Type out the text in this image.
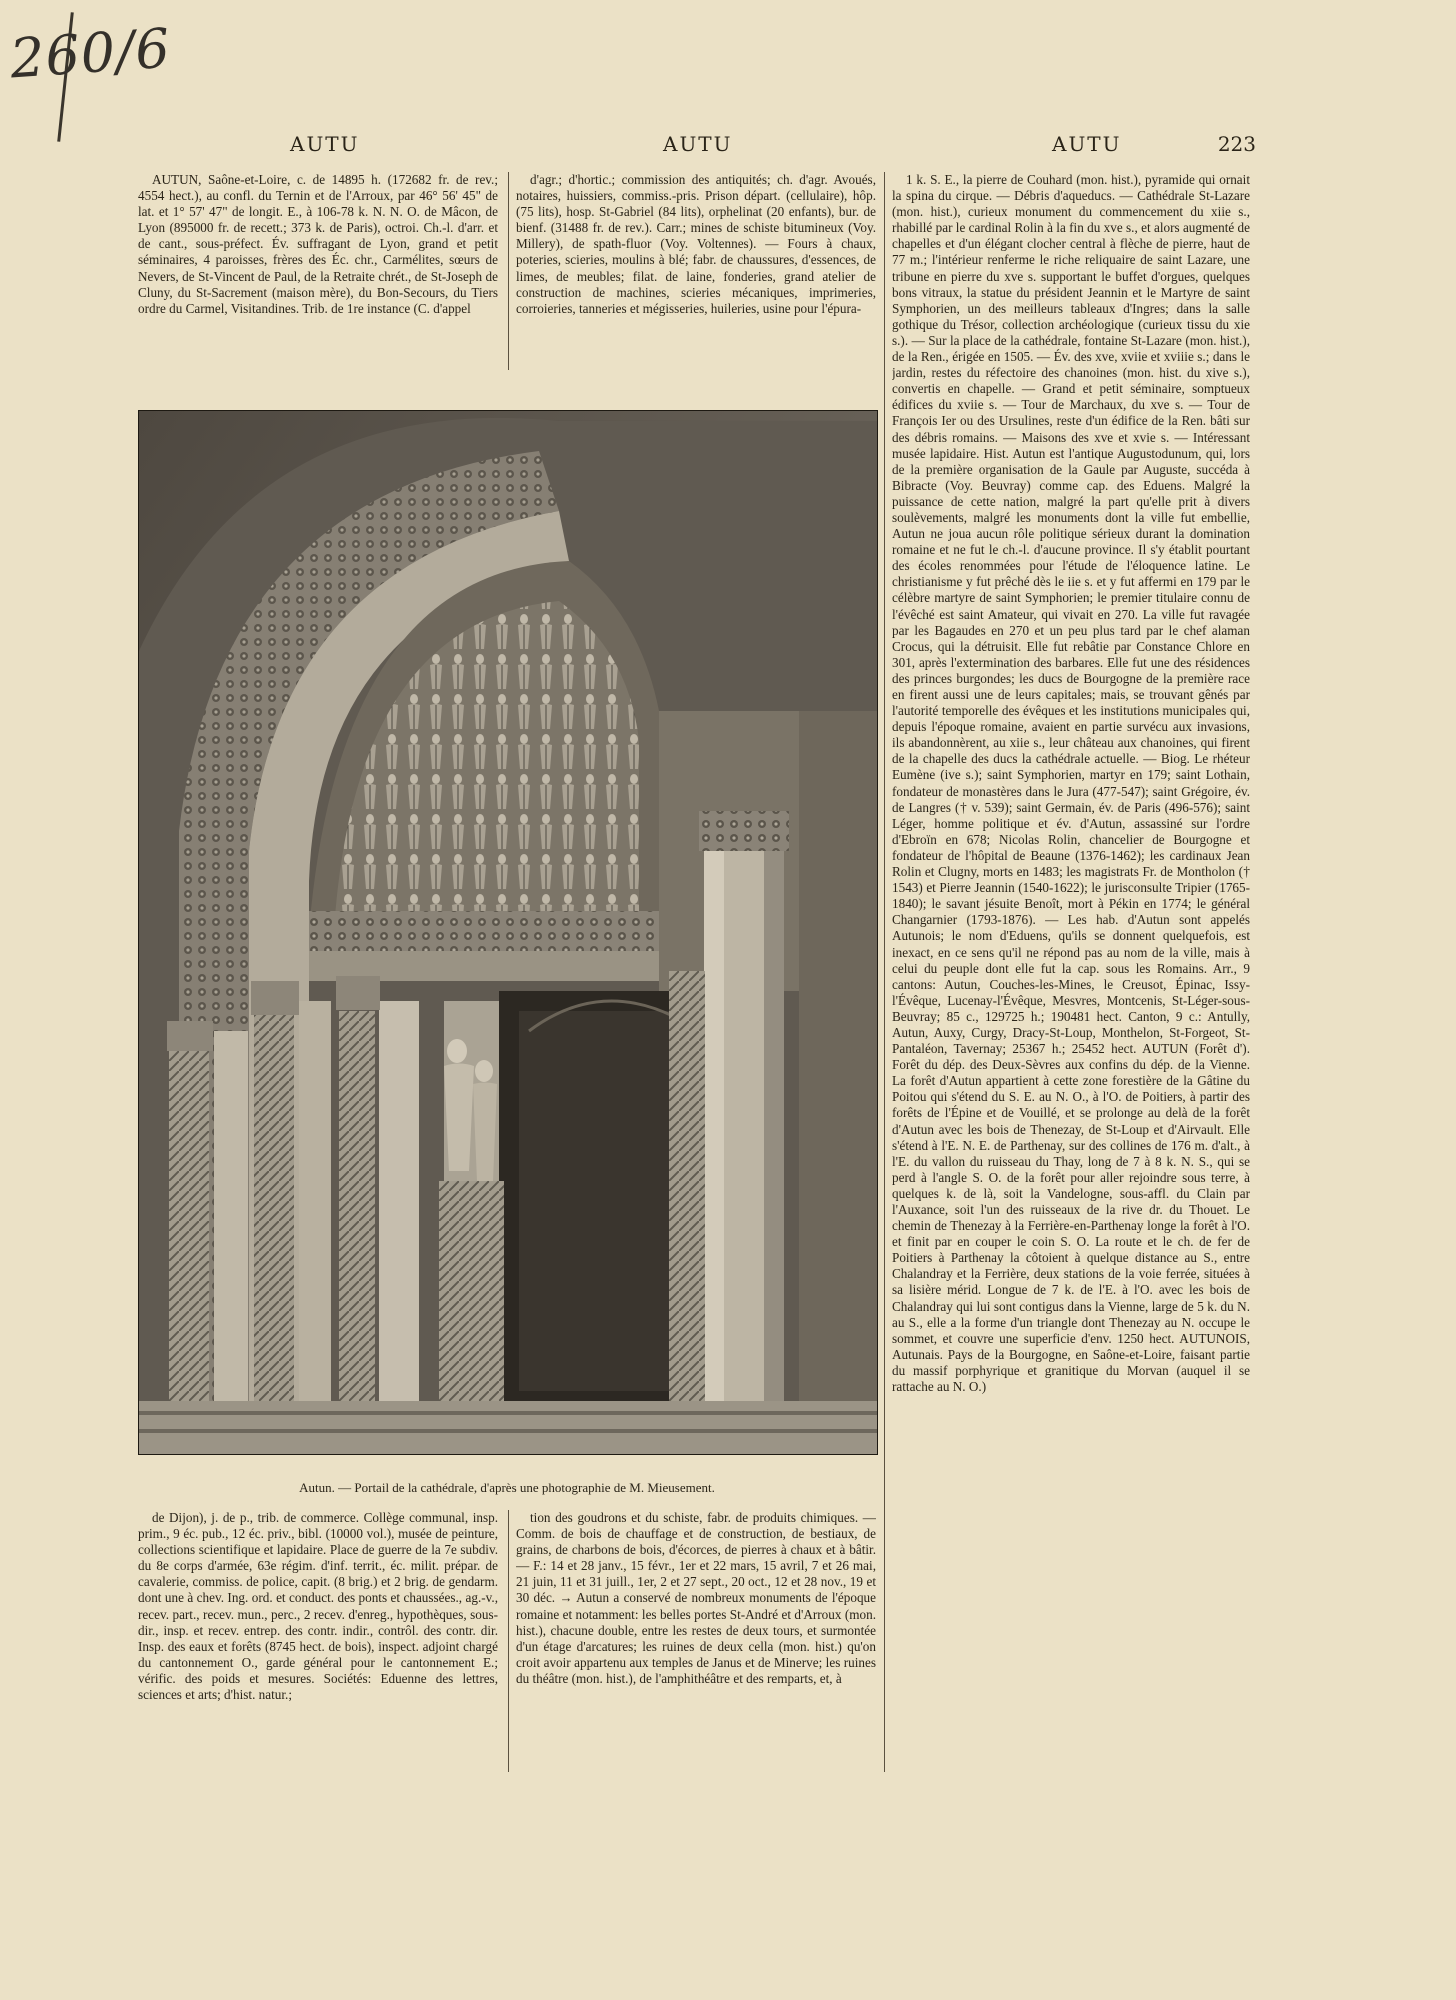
260/6
AUTU	AUTU	AUTU	223

AUTUN, Saône-et-Loire, c. de 14895 h. (172682 fr. de rev.; 4554 hect.), au confl. du Ternin et de l'Arroux, par 46° 56' 45" de lat. et 1° 57' 47" de longit. E., à 106-78 k. N. N. O. de Mâcon, de Lyon (895000 fr. de recett.; 373 k. de Paris), octroi. Ch.-l. d'arr. et de cant., sous-préfect. Év. suffragant de Lyon, grand et petit séminaires, 4 paroisses, frères des Éc. chr., Carmélites, sœurs de Nevers, de St-Vincent de Paul, de la Retraite chrét., de St-Joseph de Cluny, du St-Sacrement (maison mère), du Bon-Secours, du Tiers ordre du Carmel, Visitandines. Trib. de 1re instance (C. d'appel

d'agr.; d'hortic.; commission des antiquités; ch. d'agr. Avoués, notaires, huissiers, commiss.-pris. Prison départ. (cellulaire), hôp. (75 lits), hosp. St-Gabriel (84 lits), orphelinat (20 enfants), bur. de bienf. (31488 fr. de rev.). Carr.; mines de schiste bitumineux (Voy. Millery), de spath-fluor (Voy. Voltennes). — Fours à chaux, poteries, scieries, moulins à blé; fabr. de chaussures, d'essences, de limes, de meubles; filat. de laine, fonderies, grand atelier de construction de machines, scieries mécaniques, imprimeries, corroieries, tanneries et mégisseries, huileries, usine pour l'épura-

1 k. S. E., la pierre de Couhard (mon. hist.), pyramide qui ornait la spina du cirque. — Débris d'aqueducs. — Cathédrale St-Lazare (mon. hist.), curieux monument du commencement du xiie s., rhabillé par le cardinal Rolin à la fin du xve s., et alors augmenté de chapelles et d'un élégant clocher central à flèche de pierre, haut de 77 m.; l'intérieur renferme le riche reliquaire de saint Lazare, une tribune en pierre du xve s. supportant le buffet d'orgues, quelques bons vitraux, la statue du président Jeannin et le Martyre de saint Symphorien, un des meilleurs tableaux d'Ingres; dans la salle gothique du Trésor, collection archéologique (curieux tissu du xie s.). — Sur la place de la cathédrale, fontaine St-Lazare (mon. hist.), de la Ren., érigée en 1505. — Év. des xve, xviie et xviiie s.; dans le jardin, restes du réfectoire des chanoines (mon. hist. du xive s.), convertis en chapelle. — Grand et petit séminaire, somptueux édifices du xviie s. — Tour de Marchaux, du xve s. — Tour de François Ier ou des Ursulines, reste d'un édifice de la Ren. bâti sur des débris romains. — Maisons des xve et xvie s. — Intéressant musée lapidaire. Hist. Autun est l'antique Augustodunum, qui, lors de la première organisation de la Gaule par Auguste, succéda à Bibracte (Voy. Beuvray) comme cap. des Eduens. Malgré la puissance de cette nation, malgré la part qu'elle prit à divers soulèvements, malgré les monuments dont la ville fut embellie, Autun ne joua aucun rôle politique sérieux durant la domination romaine et ne fut le ch.-l. d'aucune province. Il s'y établit pourtant des écoles renommées pour l'étude de l'éloquence latine. Le christianisme y fut prêché dès le iie s. et y fut affermi en 179 par le célèbre martyre de saint Symphorien; le premier titulaire connu de l'évêché est saint Amateur, qui vivait en 270. La ville fut ravagée par les Bagaudes en 270 et un peu plus tard par le chef alaman Crocus, qui la détruisit. Elle fut rebâtie par Constance Chlore en 301, après l'extermination des barbares. Elle fut une des résidences des princes burgondes; les ducs de Bourgogne de la première race en firent aussi une de leurs capitales; mais, se trouvant gênés par l'autorité temporelle des évêques et les institutions municipales qui, depuis l'époque romaine, avaient en partie survécu aux invasions, ils abandonnèrent, au xiie s., leur château aux chanoines, qui firent de la chapelle des ducs la cathédrale actuelle. — Biog. Le rhéteur Eumène (ive s.); saint Symphorien, martyr en 179; saint Lothain, fondateur de monastères dans le Jura (477-547); saint Grégoire, év. de Langres († v. 539); saint Germain, év. de Paris (496-576); saint Léger, homme politique et év. d'Autun, assassiné sur l'ordre d'Ebroïn en 678; Nicolas Rolin, chancelier de Bourgogne et fondateur de l'hôpital de Beaune (1376-1462); les cardinaux Jean Rolin et Clugny, morts en 1483; les magistrats Fr. de Montholon († 1543) et Pierre Jeannin (1540-1622); le jurisconsulte Tripier (1765-1840); le savant jésuite Benoît, mort à Pékin en 1774; le général Changarnier (1793-1876). — Les hab. d'Autun sont appelés Autunois; le nom d'Eduens, qu'ils se donnent quelquefois, est inexact, en ce sens qu'il ne répond pas au nom de la ville, mais à celui du peuple dont elle fut la cap. sous les Romains. Arr., 9 cantons: Autun, Couches-les-Mines, le Creusot, Épinac, Issy-l'Évêque, Lucenay-l'Évêque, Mesvres, Montcenis, St-Léger-sous-Beuvray; 85 c., 129725 h.; 190481 hect. Canton, 9 c.: Antully, Autun, Auxy, Curgy, Dracy-St-Loup, Monthelon, St-Forgeot, St-Pantaléon, Tavernay; 25367 h.; 25452 hect. AUTUN (Forêt d'). Forêt du dép. des Deux-Sèvres aux confins du dép. de la Vienne. La forêt d'Autun appartient à cette zone forestière de la Gâtine du Poitou qui s'étend du S. E. au N. O., à l'O. de Poitiers, à partir des forêts de l'Épine et de Vouillé, et se prolonge au delà de la forêt d'Autun avec les bois de Thenezay, de St-Loup et d'Airvault. Elle s'étend à l'E. N. E. de Parthenay, sur des collines de 176 m. d'alt., à l'E. du vallon du ruisseau du Thay, long de 7 à 8 k. N. S., qui se perd à l'angle S. O. de la forêt pour aller rejoindre sous terre, à quelques k. de là, soit la Vandelogne, sous-affl. du Clain par l'Auxance, soit l'un des ruisseaux de la rive dr. du Thouet. Le chemin de Thenezay à la Ferrière-en-Parthenay longe la forêt à l'O. et finit par en couper le coin S. O. La route et le ch. de fer de Poitiers à Parthenay la côtoient à quelque distance au S., entre Chalandray et la Ferrière, deux stations de la voie ferrée, situées à sa lisière mérid. Longue de 7 k. de l'E. à l'O. avec les bois de Chalandray qui lui sont contigus dans la Vienne, large de 5 k. du N. au S., elle a la forme d'un triangle dont Thenezay au N. occupe le sommet, et couvre une superficie d'env. 1250 hect. AUTUNOIS, Autunais. Pays de la Bourgogne, en Saône-et-Loire, faisant partie du massif porphyrique et granitique du Morvan (auquel il se rattache au N. O.)

Autun. — Portail de la cathédrale, d'après une photographie de M. Mieusement.

de Dijon), j. de p., trib. de commerce. Collège communal, insp. prim., 9 éc. pub., 12 éc. priv., bibl. (10000 vol.), musée de peinture, collections scientifique et lapidaire. Place de guerre de la 7e subdiv. du 8e corps d'armée, 63e régim. d'inf. territ., éc. milit. prépar. de cavalerie, commiss. de police, capit. (8 brig.) et 2 brig. de gendarm. dont une à chev. Ing. ord. et conduct. des ponts et chaussées., ag.-v., recev. part., recev. mun., perc., 2 recev. d'enreg., hypothèques, sous-dir., insp. et recev. entrep. des contr. indir., contrôl. des contr. dir. Insp. des eaux et forêts (8745 hect. de bois), inspect. adjoint chargé du cantonnement O., garde général pour le cantonnement E.; vérific. des poids et mesures. Sociétés: Eduenne des lettres, sciences et arts; d'hist. natur.;

tion des goudrons et du schiste, fabr. de produits chimiques. — Comm. de bois de chauffage et de construction, de bestiaux, de grains, de charbons de bois, d'écorces, de pierres à chaux et à bâtir. — F.: 14 et 28 janv., 15 févr., 1er et 22 mars, 15 avril, 7 et 26 mai, 21 juin, 11 et 31 juill., 1er, 2 et 27 sept., 20 oct., 12 et 28 nov., 19 et 30 déc. → Autun a conservé de nombreux monuments de l'époque romaine et notamment: les belles portes St-André et d'Arroux (mon. hist.), chacune double, entre les restes de deux tours, et surmontée d'un étage d'arcatures; les ruines de deux cella (mon. hist.) qu'on croit avoir appartenu aux temples de Janus et de Minerve; les ruines du théâtre (mon. hist.), de l'amphithéâtre et des remparts, et, à
